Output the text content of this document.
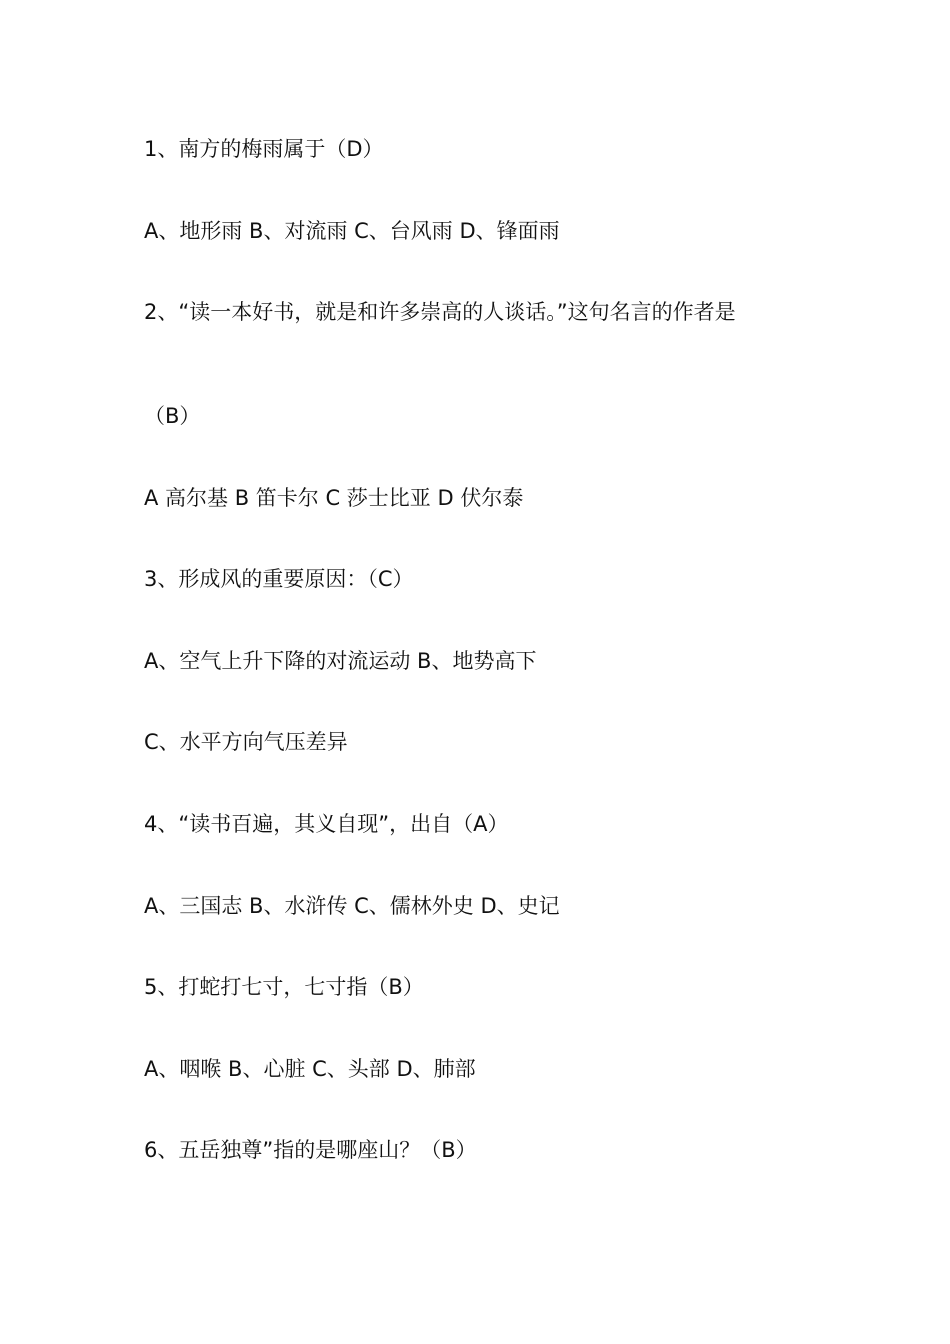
1、南方的梅雨属于（D）
A、地形雨 B、对流雨 C、台风雨 D、锋面雨
2、“读一本好书，就是和许多崇高的人谈话。”这句名言的作者是
（B）
A 高尔基 B 笛卡尔 C 莎士比亚 D 伏尔泰
3、形成风的重要原因：（C）
A、空气上升下降的对流运动 B、地势高下
C、水平方向气压差异
4、“读书百遍，其义自现”，出自（A）
A、三国志 B、水浒传 C、儒林外史 D、史记
5、打蛇打七寸，七寸指（B）
A、咽喉 B、心脏 C、头部 D、肺部
6、五岳独尊”指的是哪座山？（B）
